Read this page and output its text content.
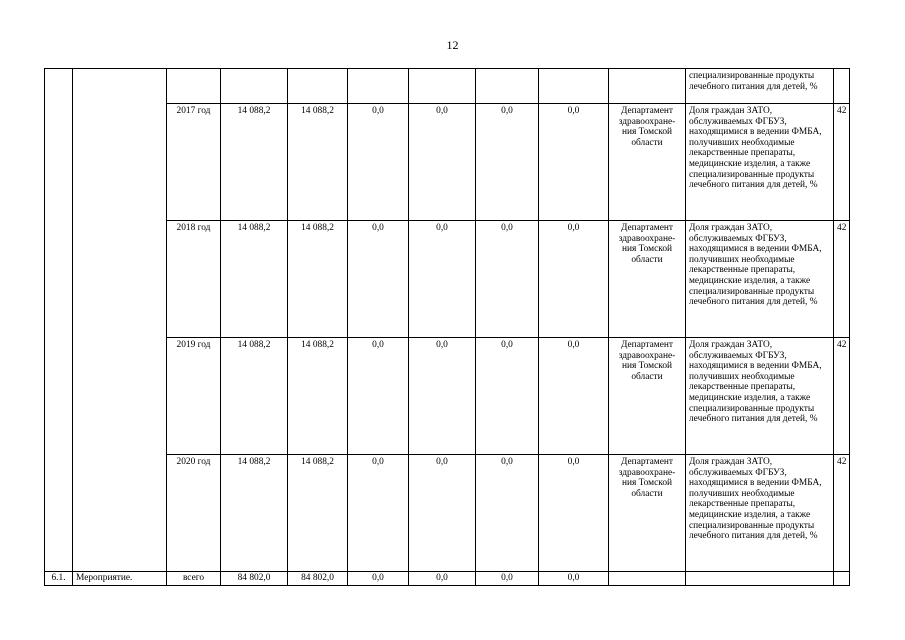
12
										специализированные продукты лечебного питания для детей, %	
		2017 год	14 088,2	14 088,2	0,0	0,0	0,0	0,0	Департамент здравоохране-ния Томской области	Доля граждан ЗАТО, обслуживаемых ФГБУЗ, находящимися в ведении ФМБА, получивших необходимые лекарственные препараты, медицинские изделия, а также специализированные продукты лечебного питания для детей, %	42
		2018 год	14 088,2	14 088,2	0,0	0,0	0,0	0,0	Департамент здравоохране-ния Томской области	Доля граждан ЗАТО, обслуживаемых ФГБУЗ, находящимися в ведении ФМБА, получивших необходимые лекарственные препараты, медицинские изделия, а также специализированные продукты лечебного питания для детей, %	42
		2019 год	14 088,2	14 088,2	0,0	0,0	0,0	0,0	Департамент здравоохране-ния Томской области	Доля граждан ЗАТО, обслуживаемых ФГБУЗ, находящимися в ведении ФМБА, получивших необходимые лекарственные препараты, медицинские изделия, а также специализированные продукты лечебного питания для детей, %	42
		2020 год	14 088,2	14 088,2	0,0	0,0	0,0	0,0	Департамент здравоохране-ния Томской области	Доля граждан ЗАТО, обслуживаемых ФГБУЗ, находящимися в ведении ФМБА, получивших необходимые лекарственные препараты, медицинские изделия, а также специализированные продукты лечебного питания для детей, %	42
6.1.	Мероприятие.	всего	84 802,0	84 802,0	0,0	0,0	0,0	0,0			
